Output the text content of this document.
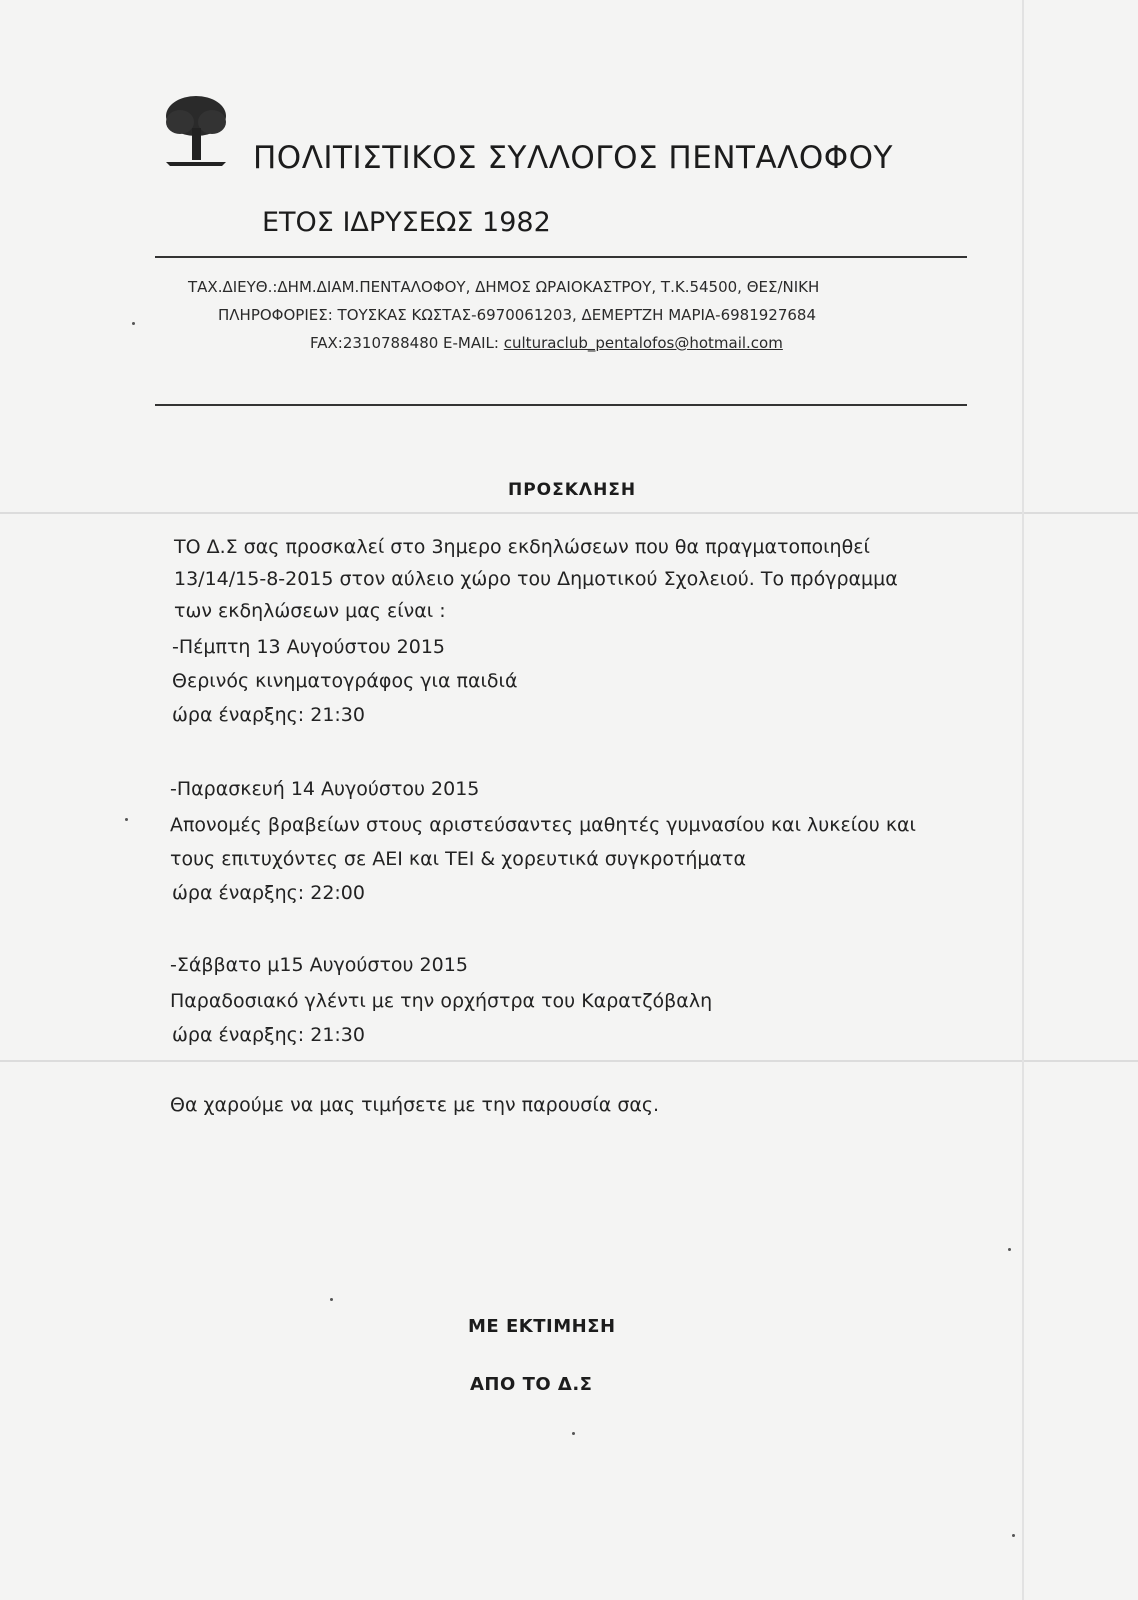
ΠΟΛΙΤΙΣΤΙΚΟΣ ΣΥΛΛΟΓΟΣ ΠΕΝΤΑΛΟΦΟΥ
ΕΤΟΣ ΙΔΡΥΣΕΩΣ 1982
ΤΑΧ.ΔΙΕΥΘ.:ΔΗΜ.ΔΙΑΜ.ΠΕΝΤΑΛΟΦΟΥ, ΔΗΜΟΣ ΩΡΑΙΟΚΑΣΤΡΟΥ, Τ.Κ.54500, ΘΕΣ/ΝΙΚΗ
ΠΛΗΡΟΦΟΡΙΕΣ: ΤΟΥΣΚΑΣ ΚΩΣΤΑΣ-6970061203, ΔΕΜΕΡΤΖΗ ΜΑΡΙΑ-6981927684
FAX:2310788480 E-MAIL: culturaclub_pentalofos@hotmail.com
ΠΡΟΣΚΛΗΣΗ
ΤΟ Δ.Σ σας προσκαλεί στο 3ημερο εκδηλώσεων που θα πραγματοποιηθεί
13/14/15-8-2015 στον αύλειο χώρο του Δημοτικού Σχολειού. Το πρόγραμμα
των εκδηλώσεων μας είναι :
-Πέμπτη 13 Αυγούστου 2015
Θερινός κινηματογράφος για παιδιά
ώρα έναρξης: 21:30
-Παρασκευή 14 Αυγούστου 2015
Απονομές βραβείων στους αριστεύσαντες μαθητές γυμνασίου και λυκείου και
τους επιτυχόντες σε ΑΕΙ και ΤΕΙ & χορευτικά συγκροτήματα
ώρα έναρξης: 22:00
-Σάββατο μ15 Αυγούστου 2015
Παραδοσιακό γλέντι με την ορχήστρα του Καρατζόβαλη
ώρα έναρξης: 21:30
Θα χαρούμε να μας τιμήσετε με την παρουσία σας.
ΜΕ ΕΚΤΙΜΗΣΗ
ΑΠΟ ΤΟ Δ.Σ
